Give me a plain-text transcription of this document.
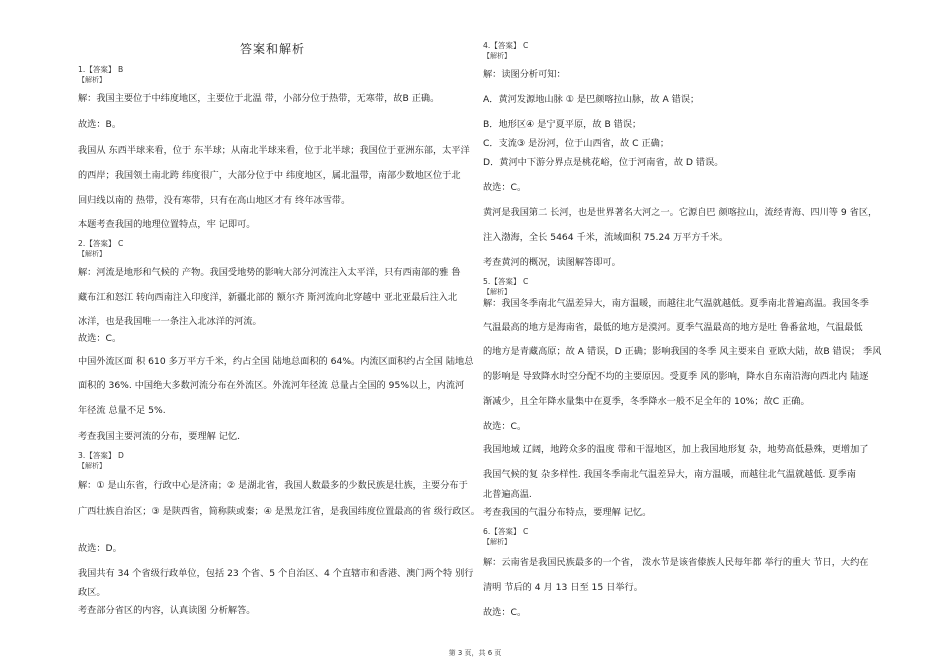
答案和解析
1.【答案】 B
【解析】
解：我国主要位于中纬度地区，主要位于北温 带，小部分位于热带，无寒带，故B 正确。
故选：B。
我国从 东西半球来看，位于 东半球；从南北半球来看，位于北半球；我国位于亚洲东部，太平洋
的西岸；我国领土南北跨 纬度很广，大部分位于中 纬度地区，属北温带，南部少数地区位于北
回归线以南的 热带，没有寒带，只有在高山地区才有 终年冰雪带。
本题考查我国的地理位置特点，牢 记即可。
2.【答案】 C
【解析】
解：河流是地形和气候的 产物。我国受地势的影响大部分河流注入太平洋，只有西南部的雅 鲁
藏布江和怒江 转向西南注入印度洋，新疆北部的 额尔齐 斯河流向北穿越中 亚北亚最后注入北
冰洋，也是我国唯一一条注入北冰洋的河流。
故选：C。
中国外流区面 积 610 多万平方千米，约占全国 陆地总面积的 64%。内流区面积约占全国 陆地总
面积的 36%. 中国绝大多数河流分布在外流区。外流河年径流 总量占全国的 95%以上，内流河
年径流 总量不足 5%.
考查我国主要河流的分布，要理解 记忆.
3.【答案】 D
【解析】
解：① 是山东省，行政中心是济南；② 是湖北省，我国人数最多的少数民族是壮族，主要分布于
广西壮族自治区；③ 是陕西省，简称陕或秦；④ 是黑龙江省，是我国纬度位置最高的省 级行政区。
故选：D。
我国共有 34 个省级行政单位，包括 23 个省、5 个自治区、4 个直辖市和香港、澳门两个特 别行
政区。
考查部分省区的内容，认真读图 分析解答。
4.【答案】 C
【解析】
解：读图分析可知：
A．黄河发源地山脉 ① 是巴颜喀拉山脉，故 A 错误；
B．地形区④ 是宁夏平原，故 B 错误；
C．支流③ 是汾河，位于山西省，故 C 正确；
D．黄河中下游分界点是桃花峪，位于河南省，故 D 错误。
故选：C。
黄河是我国第二 长河，也是世界著名大河之一。它源自巴 颜喀拉山，流经青海、四川等 9 省区，
注入渤海，全长 5464 千米，流域面积 75.24 万平方千米。
考查黄河的概况，读图解答即可。
5.【答案】 C
【解析】
解：我国冬季南北气温差异大，南方温暖，而越往北气温就越低。夏季南北普遍高温。我国冬季
气温最高的地方是海南省，最低的地方是漠河。夏季气温最高的地方是吐 鲁番盆地，气温最低
的地方是青藏高原；故 A 错误，D 正确；影响我国的冬季 风主要来自 亚欧大陆，故B 错误； 季风
的影响是 导致降水时空分配不均的主要原因。受夏季 风的影响，降水自东南沿海向西北内 陆逐
渐减少，且全年降水量集中在夏季，冬季降水一般不足全年的 10%；故C 正确。
故选：C。
我国地域 辽阔，地跨众多的温度 带和干湿地区，加上我国地形复 杂，地势高低悬殊，更增加了
我国气候的复 杂多样性. 我国冬季南北气温差异大，南方温暖，而越往北气温就越低. 夏季南
北普遍高温.
考查我国的气温分布特点，要理解 记忆。
6.【答案】 C
【解析】
解：云南省是我国民族最多的一个省， 泼水节是该省傣族人民每年都 举行的重大 节日，大约在
清明 节后的 4 月 13 日至 15 日举行。
故选：C。
第 3 页，共 6 页
